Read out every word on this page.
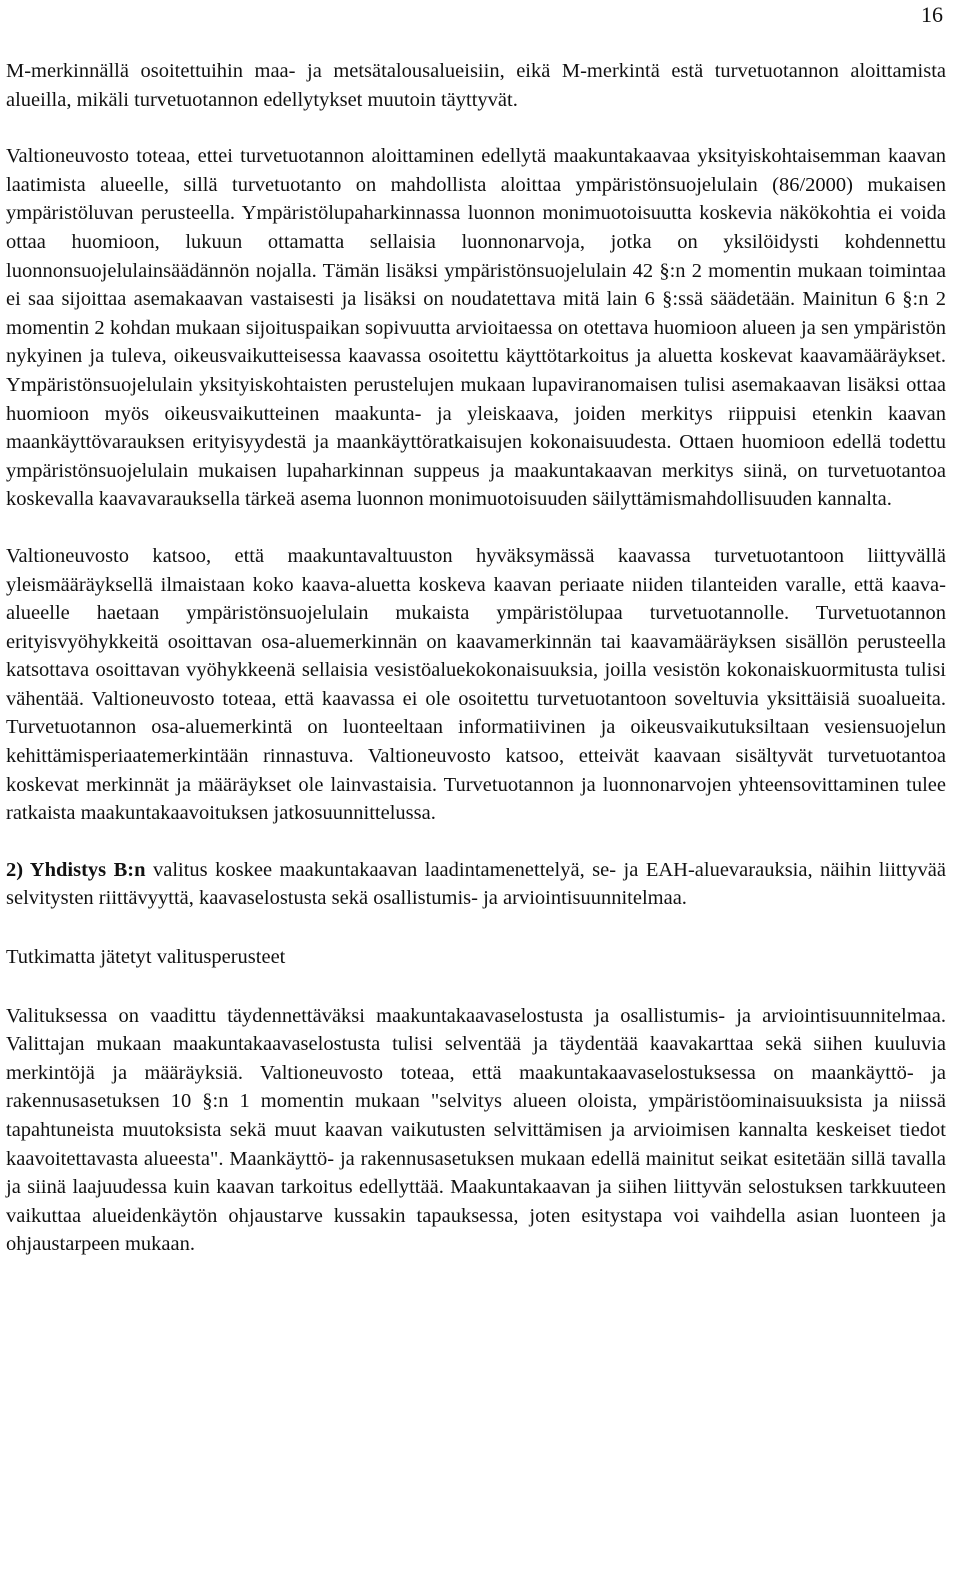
16

M-merkinnällä osoitettuihin maa- ja metsätalousalueisiin, eikä M-merkintä estä turvetuotannon aloittamista alueilla, mikäli turvetuotannon edellytykset muutoin täyttyvät.

Valtioneuvosto toteaa, ettei turvetuotannon aloittaminen edellytä maakuntakaavaa yksityiskohtaisemman kaavan laatimista alueelle, sillä turvetuotanto on mahdollista aloittaa ympäristönsuojelulain (86/2000) mukaisen ympäristöluvan perusteella. Ympäristölupaharkinnassa luonnon monimuotoisuutta koskevia näkökohtia ei voida ottaa huomioon, lukuun ottamatta sellaisia luonnonarvoja, jotka on yksilöidysti kohdennettu luonnonsuojelulainsäädännön nojalla. Tämän lisäksi ympäristönsuojelulain 42 §:n 2 momentin mukaan toimintaa ei saa sijoittaa asemakaavan vastaisesti ja lisäksi on noudatettava mitä lain 6 §:ssä säädetään. Mainitun 6 §:n 2 momentin 2 kohdan mukaan sijoituspaikan sopivuutta arvioitaessa on otettava huomioon alueen ja sen ympäristön nykyinen ja tuleva, oikeusvaikutteisessa kaavassa osoitettu käyttötarkoitus ja aluetta koskevat kaavamääräykset. Ympäristönsuojelulain yksityiskohtaisten perustelujen mukaan lupaviranomaisen tulisi asemakaavan lisäksi ottaa huomioon myös oikeusvaikutteinen maakunta- ja yleiskaava, joiden merkitys riippuisi etenkin kaavan maankäyttövarauksen erityisyydestä ja maankäyttöratkaisujen kokonaisuudesta. Ottaen huomioon edellä todettu ympäristönsuojelulain mukaisen lupaharkinnan suppeus ja maakuntakaavan merkitys siinä, on turvetuotantoa koskevalla kaavavarauksella tärkeä asema luonnon monimuotoisuuden säilyttämismahdollisuuden kannalta.

Valtioneuvosto katsoo, että maakuntavaltuuston hyväksymässä kaavassa turvetuotantoon liittyvällä yleismääräyksellä ilmaistaan koko kaava-aluetta koskeva kaavan periaate niiden tilanteiden varalle, että kaava-alueelle haetaan ympäristönsuojelulain mukaista ympäristölupaa turvetuotannolle. Turvetuotannon erityisvyöhykkeitä osoittavan osa-aluemerkinnän on kaavamerkinnän tai kaavamääräyksen sisällön perusteella katsottava osoittavan vyöhykkeenä sellaisia vesistöaluekokonaisuuksia, joilla vesistön kokonaiskuormitusta tulisi vähentää. Valtioneuvosto toteaa, että kaavassa ei ole osoitettu turvetuotantoon soveltuvia yksittäisiä suoalueita. Turvetuotannon osa-aluemerkintä on luonteeltaan informatiivinen ja oikeusvaikutuksiltaan vesiensuojelun kehittämisperiaatemerkintään rinnastuva. Valtioneuvosto katsoo, etteivät kaavaan sisältyvät turvetuotantoa koskevat merkinnät ja määräykset ole lainvastaisia. Turvetuotannon ja luonnonarvojen yhteensovittaminen tulee ratkaista maakuntakaavoituksen jatkosuunnittelussa.

2) Yhdistys B:n valitus koskee maakuntakaavan laadintamenettelyä, se- ja EAH-aluevarauksia, näihin liittyvää selvitysten riittävyyttä, kaavaselostusta sekä osallistumis- ja arviointisuunnitelmaa.

Tutkimatta jätetyt valitusperusteet

Valituksessa on vaadittu täydennettäväksi maakuntakaavaselostusta ja osallistumis- ja arviointisuunnitelmaa. Valittajan mukaan maakuntakaavaselostusta tulisi selventää ja täydentää kaavakarttaa sekä siihen kuuluvia merkintöjä ja määräyksiä. Valtioneuvosto toteaa, että maakuntakaavaselostuksessa on maankäyttö- ja rakennusasetuksen 10 §:n 1 momentin mukaan "selvitys alueen oloista, ympäristöominaisuuksista ja niissä tapahtuneista muutoksista sekä muut kaavan vaikutusten selvittämisen ja arvioimisen kannalta keskeiset tiedot kaavoitettavasta alueesta". Maankäyttö- ja rakennusasetuksen mukaan edellä mainitut seikat esitetään sillä tavalla ja siinä laajuudessa kuin kaavan tarkoitus edellyttää. Maakuntakaavan ja siihen liittyvän selostuksen tarkkuuteen vaikuttaa alueidenkäytön ohjaustarve kussakin tapauksessa, joten esitystapa voi vaihdella asian luonteen ja ohjaustarpeen mukaan.
